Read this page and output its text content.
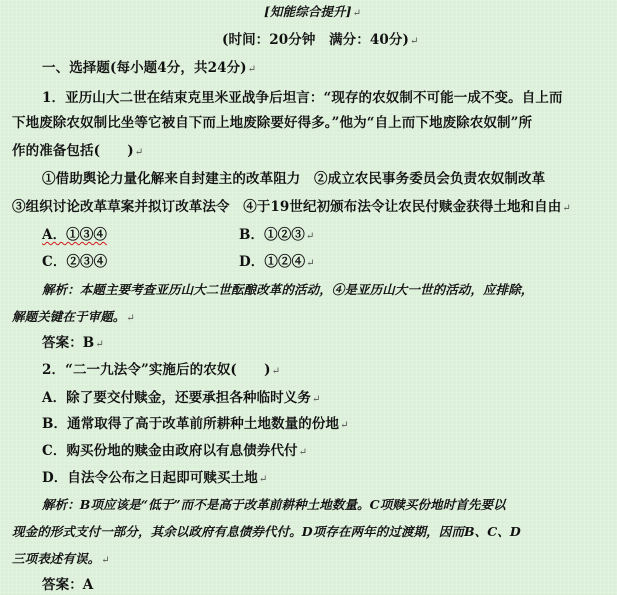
[知能综合提升]↵
(时间：20分钟　满分：40分)↵
一、选择题(每小题4分，共24分)↵
1．亚历山大二世在结束克里米亚战争后坦言：“现存的农奴制不可能一成不变。自上而
下地废除农奴制比坐等它被自下而上地废除要好得多。”他为“自上而下地废除农奴制”所
作的准备包括(　　)↵
①借助舆论力量化解来自封建主的改革阻力　②成立农民事务委员会负责农奴制改革
③组织讨论改革草案并拟订改革法令　④于19世纪初颁布法令让农民付赎金获得土地和自由↵
A．①③④	B．①②③↵
C．②③④	D．①②④↵
解析：本题主要考查亚历山大二世酝酿改革的活动，④是亚历山大一世的活动，应排除，
解题关键在于审题。↵
答案：B↵
2．“二一九法令”实施后的农奴(　　)↵
A．除了要交付赎金，还要承担各种临时义务↵
B．通常取得了高于改革前所耕种土地数量的份地↵
C．购买份地的赎金由政府以有息债券代付↵
D．自法令公布之日起即可赎买土地↵
解析：B项应该是“低于”而不是高于改革前耕种土地数量。C项赎买份地时首先要以
现金的形式支付一部分，其余以政府有息债券代付。D项存在两年的过渡期，因而B、C、D
三项表述有误。↵
答案：A
